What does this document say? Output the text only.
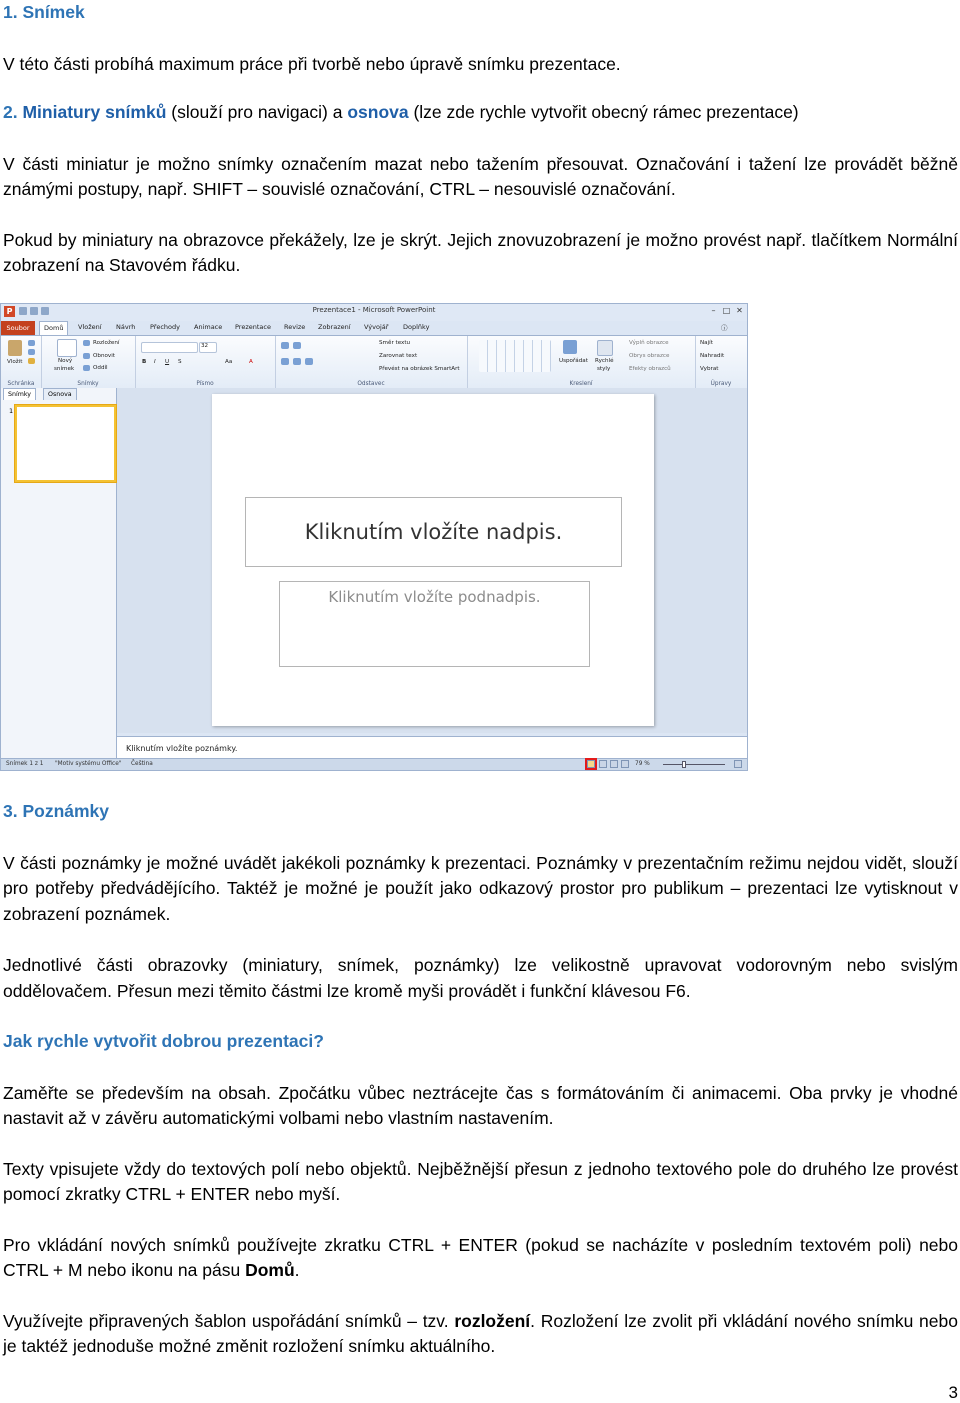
1. Snímek

V této části probíhá maximum práce při tvorbě nebo úpravě snímku prezentace.

2. Miniatury snímků (slouží pro navigaci) a osnova (lze zde rychle vytvořit obecný rámec prezentace)

V části miniatur je možno snímky označením mazat nebo tažením přesouvat. Označování i tažení lze provádět běžně známými postupy, např. SHIFT – souvislé označování, CTRL – nesouvislé označování.

Pokud by miniatury na obrazovce překážely, lze je skrýt. Jejich znovuzobrazení je možno provést např. tlačítkem Normální zobrazení na Stavovém řádku.

P	Prezentace1 - Microsoft PowerPoint	– □ ✕
Soubor	Domů	Vložení Návrh Přechody Animace Prezentace Revize Zobrazení Vývojář Doplňky	ⓘ
Vložit
Schránka
Nový
snímek
Rozložení
Obnovit
Oddíl
Snímky
32
B I U S	Aa	A
Písmo
Směr textu
Zarovnat text
Převést na obrázek SmartArt
Odstavec
Uspořádat Rychlé
styly
Výplň obrazce
Obrys obrazce
Efekty obrazců
Kreslení
Najít
Nahradit
Vybrat
Úpravy
Snímky	Osnova
1
Kliknutím vložíte nadpis.
Kliknutím vložíte podnadpis.
Kliknutím vložíte poznámky.
Snímek 1 z 1 "Motiv systému Office" Čeština	79 %

3. Poznámky

V části poznámky je možné uvádět jakékoli poznámky k prezentaci. Poznámky v prezentačním režimu nejdou vidět, slouží pro potřeby předvádějícího. Taktéž je možné je použít jako odkazový prostor pro publikum – prezentaci lze vytisknout v zobrazení poznámek.

Jednotlivé části obrazovky (miniatury, snímek, poznámky) lze velikostně upravovat vodorovným nebo svislým oddělovačem. Přesun mezi těmito částmi lze kromě myši provádět i funkční klávesou F6.

Jak rychle vytvořit dobrou prezentaci?

Zaměřte se především na obsah. Zpočátku vůbec neztrácejte čas s formátováním či animacemi. Oba prvky je vhodné nastavit až v závěru automatickými volbami nebo vlastním nastavením.

Texty vpisujete vždy do textových polí nebo objektů. Nejběžnější přesun z jednoho textového pole do druhého lze provést pomocí zkratky CTRL + ENTER nebo myší.

Pro vkládání nových snímků používejte zkratku CTRL + ENTER (pokud se nacházíte v posledním textovém poli) nebo CTRL + M nebo ikonu na pásu Domů.

Využívejte připravených šablon uspořádání snímků – tzv. rozložení. Rozložení lze zvolit při vkládání nového snímku nebo je taktéž jednoduše možné změnit rozložení snímku aktuálního.

3
